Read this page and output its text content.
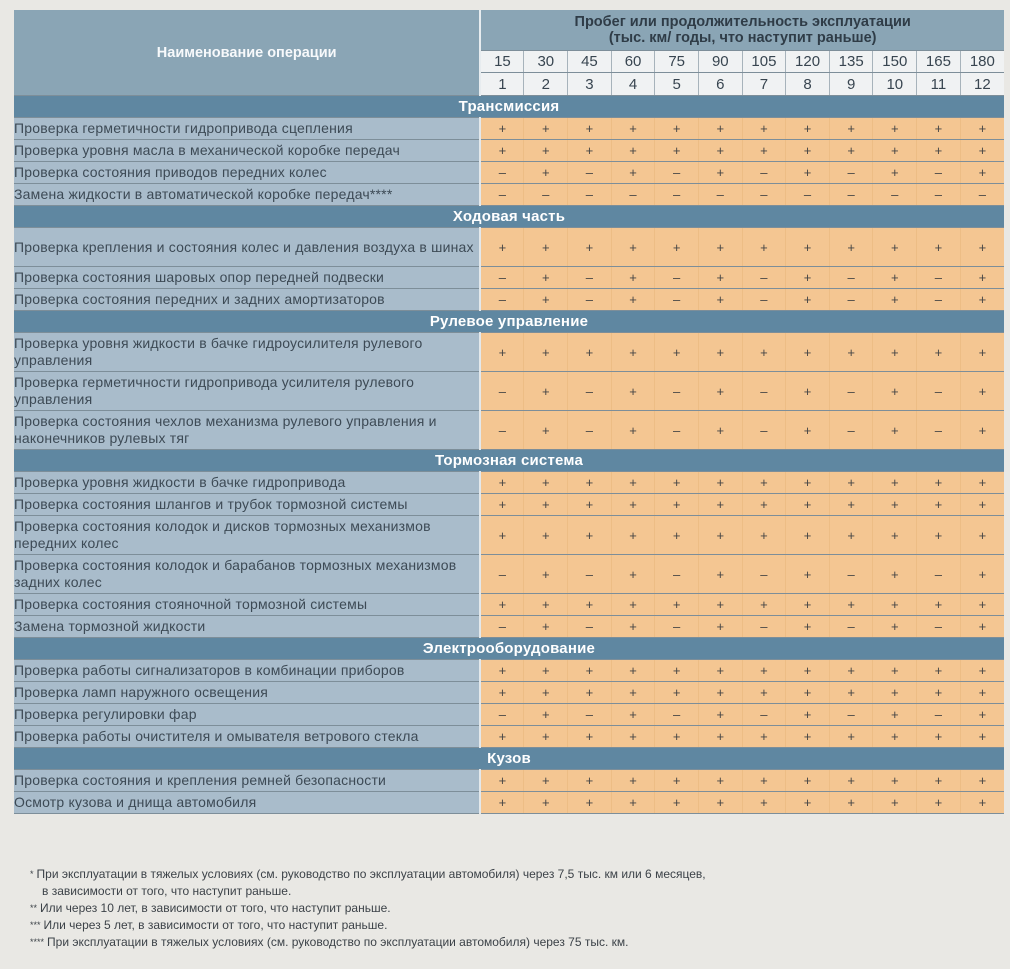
Наименование операции	Пробег или продолжительность эксплуатации
(тыс. км/ годы, что наступит раньше)											

	15	30	45	60	75	90	105	120	135	150	165	180
	1	2	3	4	5	6	7	8	9	10	11	12
Трансмиссия												
Проверка герметичности гидропривода сцепления	+	+	+	+	+	+	+	+	+	+	+	+
Проверка уровня масла в механической коробке передач	+	+	+	+	+	+	+	+	+	+	+	+
Проверка состояния приводов передних колес	–	+	–	+	–	+	–	+	–	+	–	+
Замена жидкости в автоматической коробке передач****	–	–	–	–	–	–	–	–	–	–	–	–
Ходовая часть												
Проверка крепления и состояния колес и давления воздуха в шинах	+	+	+	+	+	+	+	+	+	+	+	+
Проверка состояния шаровых опор передней подвески	–	+	–	+	–	+	–	+	–	+	–	+
Проверка состояния передних и задних амортизаторов	–	+	–	+	–	+	–	+	–	+	–	+
Рулевое управление												
Проверка уровня жидкости в бачке гидроусилителя рулевого управления	+	+	+	+	+	+	+	+	+	+	+	+
Проверка герметичности гидропривода усилителя рулевого управления	–	+	–	+	–	+	–	+	–	+	–	+
Проверка состояния чехлов механизма рулевого управления и наконечников рулевых тяг	–	+	–	+	–	+	–	+	–	+	–	+
Тормозная система												
Проверка уровня жидкости в бачке гидропривода	+	+	+	+	+	+	+	+	+	+	+	+
Проверка состояния шлангов и трубок тормозной системы	+	+	+	+	+	+	+	+	+	+	+	+
Проверка состояния колодок и дисков тормозных механизмов передних колес	+	+	+	+	+	+	+	+	+	+	+	+
Проверка состояния колодок и барабанов тормозных механизмов задних колес	–	+	–	+	–	+	–	+	–	+	–	+
Проверка состояния стояночной тормозной системы	+	+	+	+	+	+	+	+	+	+	+	+
Замена тормозной жидкости	–	+	–	+	–	+	–	+	–	+	–	+
Электрооборудование												
Проверка работы сигнализаторов в комбинации приборов	+	+	+	+	+	+	+	+	+	+	+	+
Проверка ламп наружного освещения	+	+	+	+	+	+	+	+	+	+	+	+
Проверка регулировки фар	–	+	–	+	–	+	–	+	–	+	–	+
Проверка работы очистителя и омывателя ветрового стекла	+	+	+	+	+	+	+	+	+	+	+	+
Кузов												
Проверка состояния и крепления ремней безопасности	+	+	+	+	+	+	+	+	+	+	+	+
Осмотр кузова и днища автомобиля	+	+	+	+	+	+	+	+	+	+	+	+

* При эксплуатации в тяжелых условиях (см. руководство по эксплуатации автомобиля) через 7,5 тыс. км или 6 месяцев,

в зависимости от того, что наступит раньше.

** Или через 10 лет, в зависимости от того, что наступит раньше.

*** Или через 5 лет, в зависимости от того, что наступит раньше.

**** При эксплуатации в тяжелых условиях (см. руководство по эксплуатации автомобиля) через 75 тыс. км.
